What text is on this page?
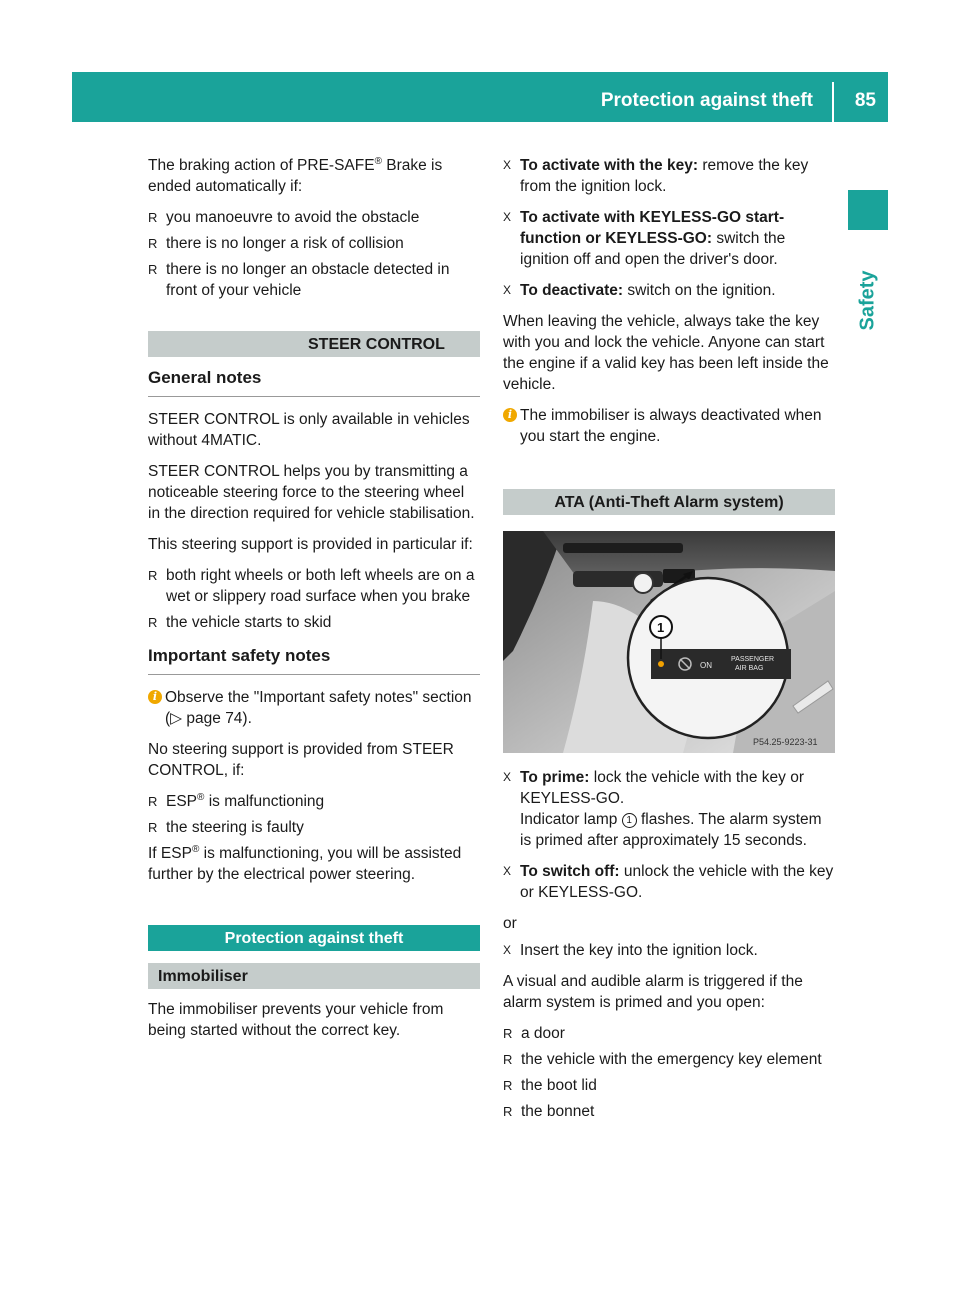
Protection against theft 85
Safety

The braking action of PRE-SAFE® Brake is ended automatically if:

R you manoeuvre to avoid the obstacle
R there is no longer a risk of collision
R there is no longer an obstacle detected in front of your vehicle
STEER CONTROL
General notes

STEER CONTROL is only available in vehicles without 4MATIC.

STEER CONTROL helps you by transmitting a noticeable steering force to the steering wheel in the direction required for vehicle stabilisation.

This steering support is provided in particular if:

R both right wheels or both left wheels are on a wet or slippery road surface when you brake
R the vehicle starts to skid
Important safety notes
i Observe the "Important safety notes" section (▷ page 74).

No steering support is provided from STEER CONTROL, if:

R ESP® is malfunctioning
R the steering is faulty

If ESP® is malfunctioning, you will be assisted further by the electrical power steering.

Protection against theft
Immobiliser

The immobiliser prevents your vehicle from being started without the correct key.

X To activate with the key: remove the key from the ignition lock.
X To activate with KEYLESS-GO start-function or KEYLESS-GO: switch the ignition off and open the driver's door.
X To deactivate: switch on the ignition.

When leaving the vehicle, always take the key with you and lock the vehicle. Anyone can start the engine if a valid key has been left inside the vehicle.

i The immobiliser is always deactivated when you start the engine.
ATA (Anti-Theft Alarm system)
ON
PASSENGER
AIR BAG
1
P54.25-9223-31
X To prime: lock the vehicle with the key or KEYLESS-GO.
Indicator lamp 1 flashes. The alarm system is primed after approximately 15 seconds.
X To switch off: unlock the vehicle with the key or KEYLESS-GO.

or

X Insert the key into the ignition lock.

A visual and audible alarm is triggered if the alarm system is primed and you open:

R a door
R the vehicle with the emergency key element
R the boot lid
R the bonnet
